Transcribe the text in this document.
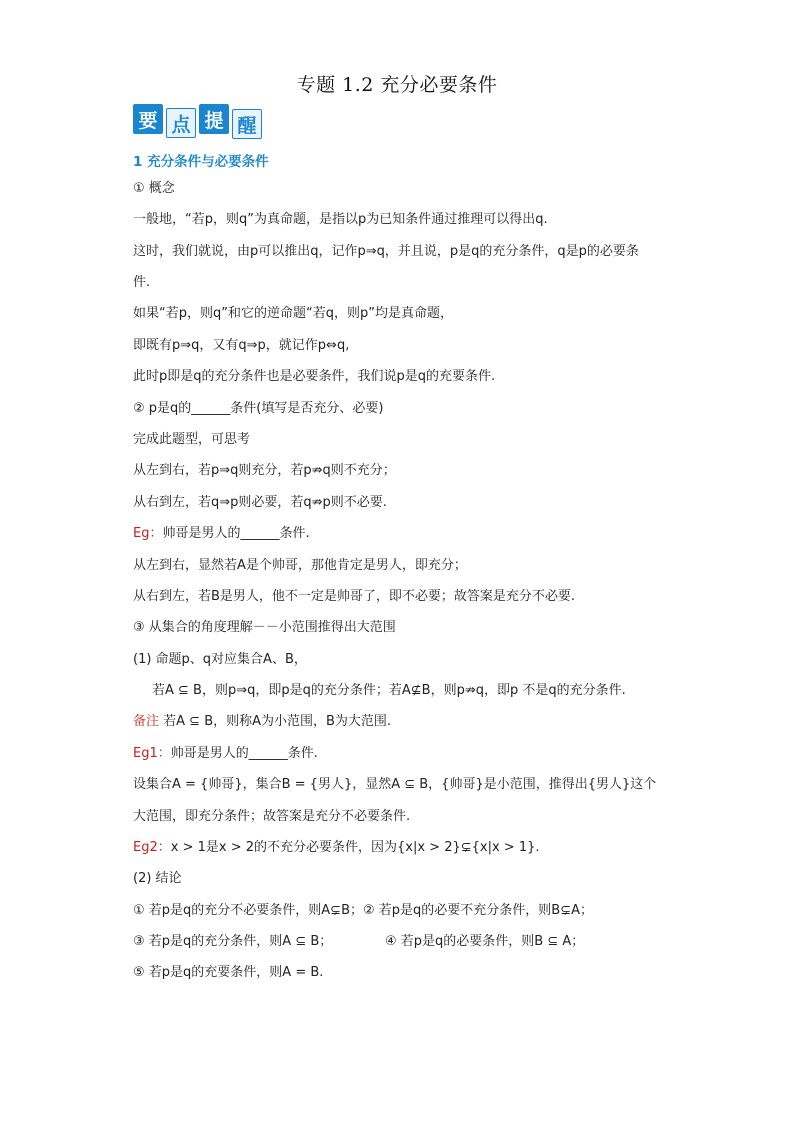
专题 1.2 充分必要条件
要 点 提 醒
1 充分条件与必要条件
① 概念
一般地，“若p，则q”为真命题，是指以p为已知条件通过推理可以得出q.
这时，我们就说，由p可以推出q，记作p⇒q，并且说，p是q的充分条件，q是p的必要条
件.
如果“若p，则q”和它的逆命题“若q，则p”均是真命题，
即既有p⇒q，又有q⇒p，就记作p⇔q,
此时p即是q的充分条件也是必要条件，我们说p是q的充要条件.
② p是q的______条件(填写是否充分、必要)
完成此题型，可思考
从左到右，若p⇒q则充分，若p⇏q则不充分；
从右到左，若q⇒p则必要，若q⇏p则不必要.
Eg：帅哥是男人的______条件.
从左到右，显然若A是个帅哥，那他肯定是男人，即充分；
从右到左，若B是男人，他不一定是帅哥了，即不必要；故答案是充分不必要.
③ 从集合的角度理解－－小范围推得出大范围
(1) 命题p、q对应集合A、B，
若A ⊆ B，则p⇒q，即p是q的充分条件；若A⊈B，则p⇏q，即p 不是q的充分条件.
备注 若A ⊆ B，则称A为小范围，B为大范围.
Eg1：帅哥是男人的______条件.
设集合A = {帅哥}，集合B = {男人}，显然A ⊆ B，{帅哥}是小范围，推得出{男人}这个
大范围，即充分条件；故答案是充分不必要条件.
Eg2：x > 1是x > 2的不充分必要条件，因为{x|x > 2}⊊{x|x > 1}.
(2) 结论
① 若p是q的充分不必要条件，则A⊊B；② 若p是q的必要不充分条件，则B⊊A；
③ 若p是q的充分条件，则A ⊆ B；	④ 若p是q的必要条件，则B ⊆ A；
⑤ 若p是q的充要条件，则A = B.
